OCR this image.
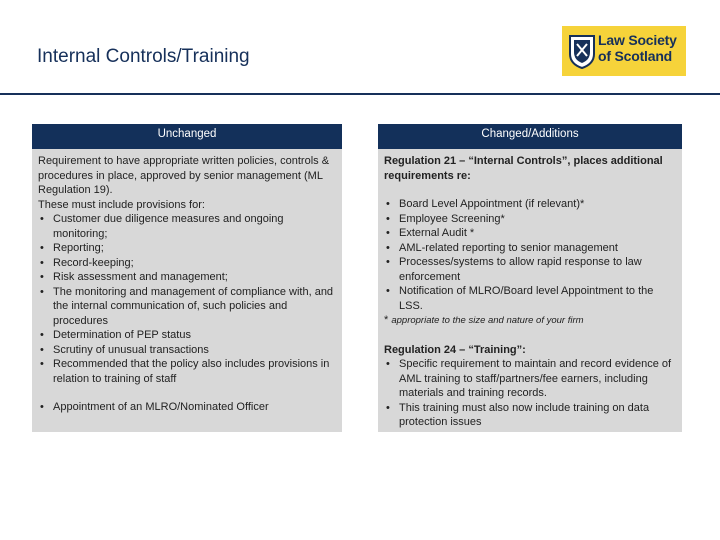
Internal Controls/Training
Law Society
of Scotland
Unchanged

Requirement to have appropriate written policies, controls & procedures in place, approved by senior management (ML Regulation 19).

These must include provisions for:

• Customer due diligence measures and ongoing monitoring;
• Reporting;
• Record-keeping;
• Risk assessment and management;
• The monitoring and management of compliance with, and the internal communication of, such policies and procedures
• Determination of PEP status
• Scrutiny of unusual transactions
• Recommended that the policy also includes provisions in relation to training of staff
• Appointment of an MLRO/Nominated Officer
Changed/Additions

Regulation 21 – “Internal Controls”, places additional requirements re:

• Board Level Appointment (if relevant)*
• Employee Screening*
• External Audit *
• AML-related reporting to senior management
• Processes/systems to allow rapid response to law enforcement
• Notification of MLRO/Board level Appointment to the LSS.

* appropriate to the size and nature of your firm

Regulation 24 – “Training”:

• Specific requirement to maintain and record evidence of AML training to staff/partners/fee earners, including materials and training records.
• This training must also now include training on data protection issues
